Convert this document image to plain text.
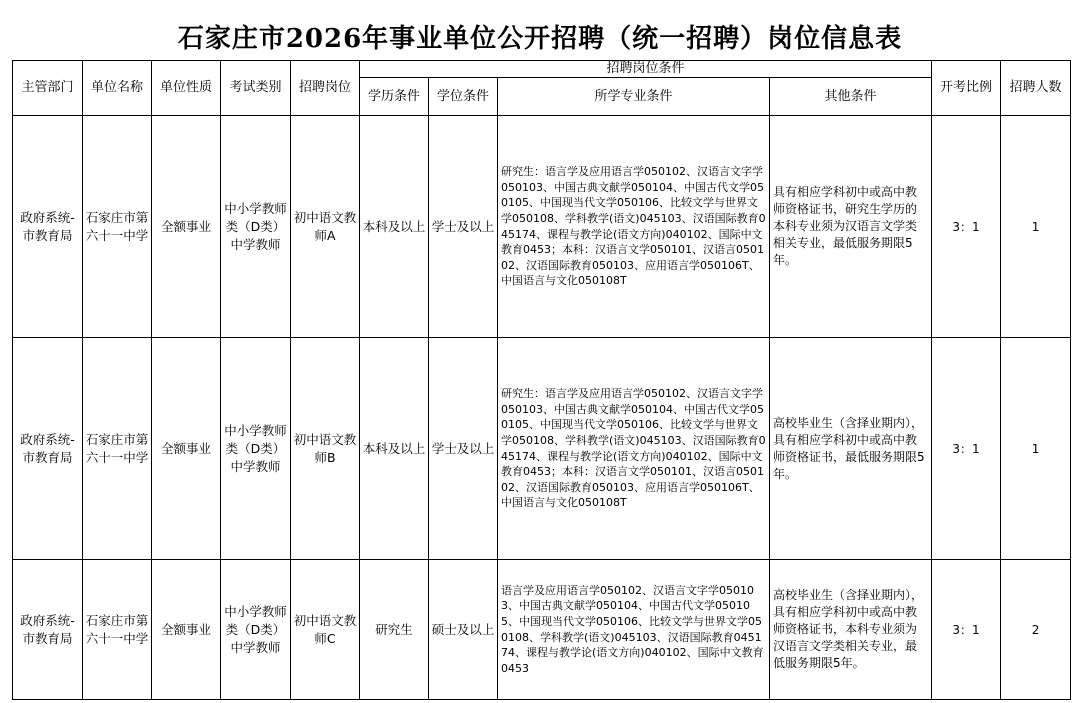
石家庄市2026年事业单位公开招聘（统一招聘）岗位信息表
主管部门	单位名称	单位性质	考试类别	招聘岗位	招聘岗位条件				开考比例	招聘人数
					学历条件	学位条件	所学专业条件	其他条件		
政府系统-市教育局	石家庄市第六十一中学	全额事业	中小学教师类（D类）中学教师	初中语文教师A	本科及以上	学士及以上	研究生：语言学及应用语言学050102、汉语言文字学050103、中国古典文献学050104、中国古代文学050105、中国现当代文学050106、比较文学与世界文学050108、学科教学(语文)045103、汉语国际教育045174、课程与教学论(语文方向)040102、国际中文教育0453；本科：汉语言文学050101、汉语言050102、汉语国际教育050103、应用语言学050106T、中国语言与文化050108T	具有相应学科初中或高中教师资格证书，研究生学历的本科专业须为汉语言文学类相关专业，最低服务期限5年。	3：1	1
政府系统-市教育局	石家庄市第六十一中学	全额事业	中小学教师类（D类）中学教师	初中语文教师B	本科及以上	学士及以上	研究生：语言学及应用语言学050102、汉语言文字学050103、中国古典文献学050104、中国古代文学050105、中国现当代文学050106、比较文学与世界文学050108、学科教学(语文)045103、汉语国际教育045174、课程与教学论(语文方向)040102、国际中文教育0453；本科：汉语言文学050101、汉语言050102、汉语国际教育050103、应用语言学050106T、中国语言与文化050108T	高校毕业生（含择业期内），具有相应学科初中或高中教师资格证书，最低服务期限5年。	3：1	1
政府系统-市教育局	石家庄市第六十一中学	全额事业	中小学教师类（D类）中学教师	初中语文教师C	研究生	硕士及以上	语言学及应用语言学050102、汉语言文字学050103、中国古典文献学050104、中国古代文学050105、中国现当代文学050106、比较文学与世界文学050108、学科教学(语文)045103、汉语国际教育045174、课程与教学论(语文方向)040102、国际中文教育0453	高校毕业生（含择业期内），具有相应学科初中或高中教师资格证书，本科专业须为汉语言文学类相关专业，最低服务期限5年。	3：1	2
